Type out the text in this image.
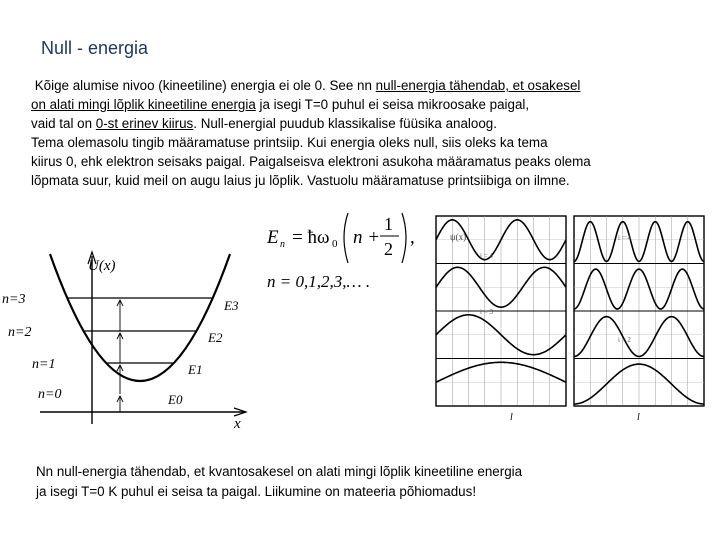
Null - energia
Kõige alumise nivoo (kineetiline) energia ei ole 0. See nn null-energia tähendab, et osakesel
on alati mingi lõplik kineetiline energia ja isegi T=0 puhul ei seisa mikroosake paigal,
vaid tal on 0-st erinev kiirus. Null-energial puudub klassikalise füüsika analoog.
Tema olemasolu tingib määramatuse printsiip. Kui energia oleks null, siis oleks ka tema
kiirus 0, ehk elektron seisaks paigal. Paigalseisva elektroni asukoha määramatus peaks olema
lõpmata suur, kuid meil on augu laius ju lõplik. Vastuolu määramatuse printsiibiga on ilmne.
E n = ħω 0 n +
1
2
,
n = 0,1,2,3,… .
U(x)
x
n=3
n=2
n=1
n=0
E3
E2
E1
E0
ψ(x)
i = 4
i = 3
i = 4
i = 2
l	l
Nn null-energia tähendab, et kvantosakesel on alati mingi lõplik kineetiline energia
ja isegi T=0 K puhul ei seisa ta paigal. Liikumine on mateeria põhiomadus!
